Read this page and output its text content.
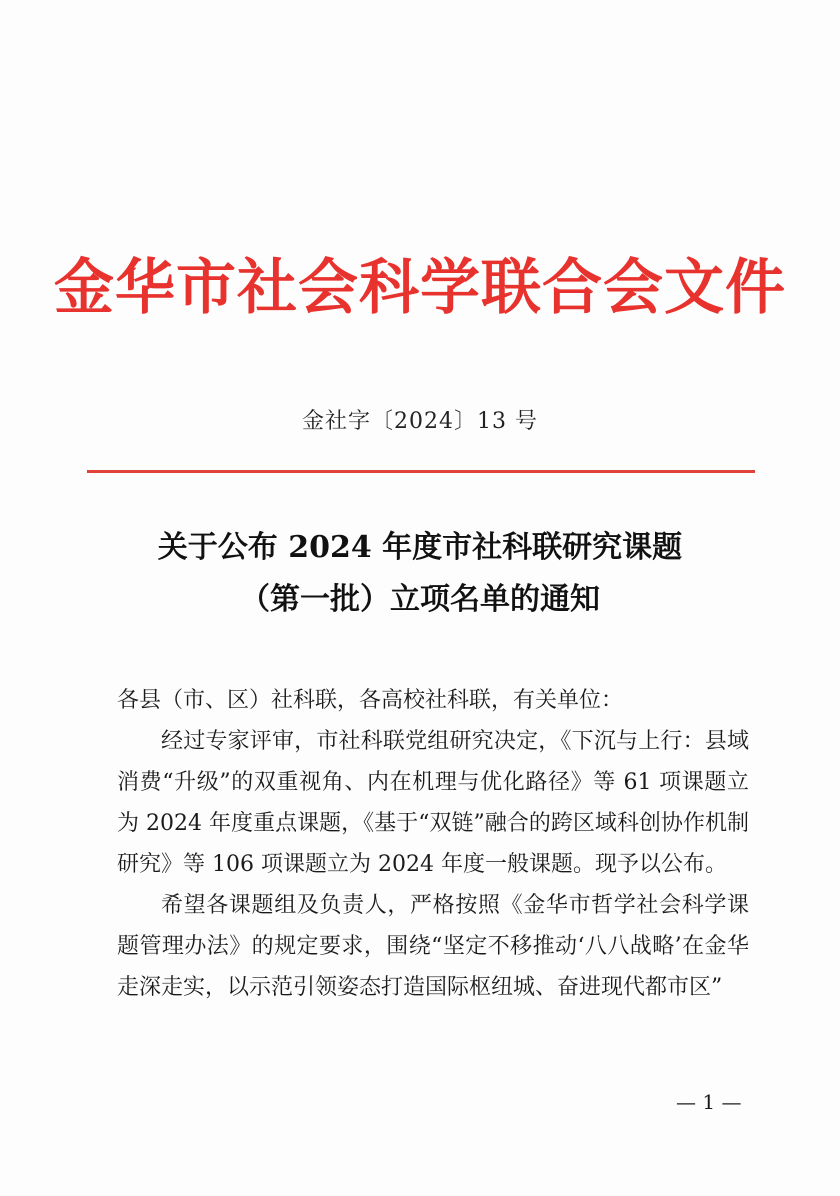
金华市社会科学联合会文件
金社字〔2024〕13 号
关于公布 2024 年度市社科联研究课题
（第一批）立项名单的通知

各县（市、区）社科联，各高校社科联，有关单位：

经过专家评审，市社科联党组研究决定，《下沉与上行：县域消费“升级”的双重视角、内在机理与优化路径》等 61 项课题立为 2024 年度重点课题，《基于“双链”融合的跨区域科创协作机制研究》等 106 项课题立为 2024 年度一般课题。现予以公布。

希望各课题组及负责人，严格按照《金华市哲学社会科学课题管理办法》的规定要求，围绕“坚定不移推动‘八八战略’在金华走深走实，以示范引领姿态打造国际枢纽城、奋进现代都市区”

— 1 —
